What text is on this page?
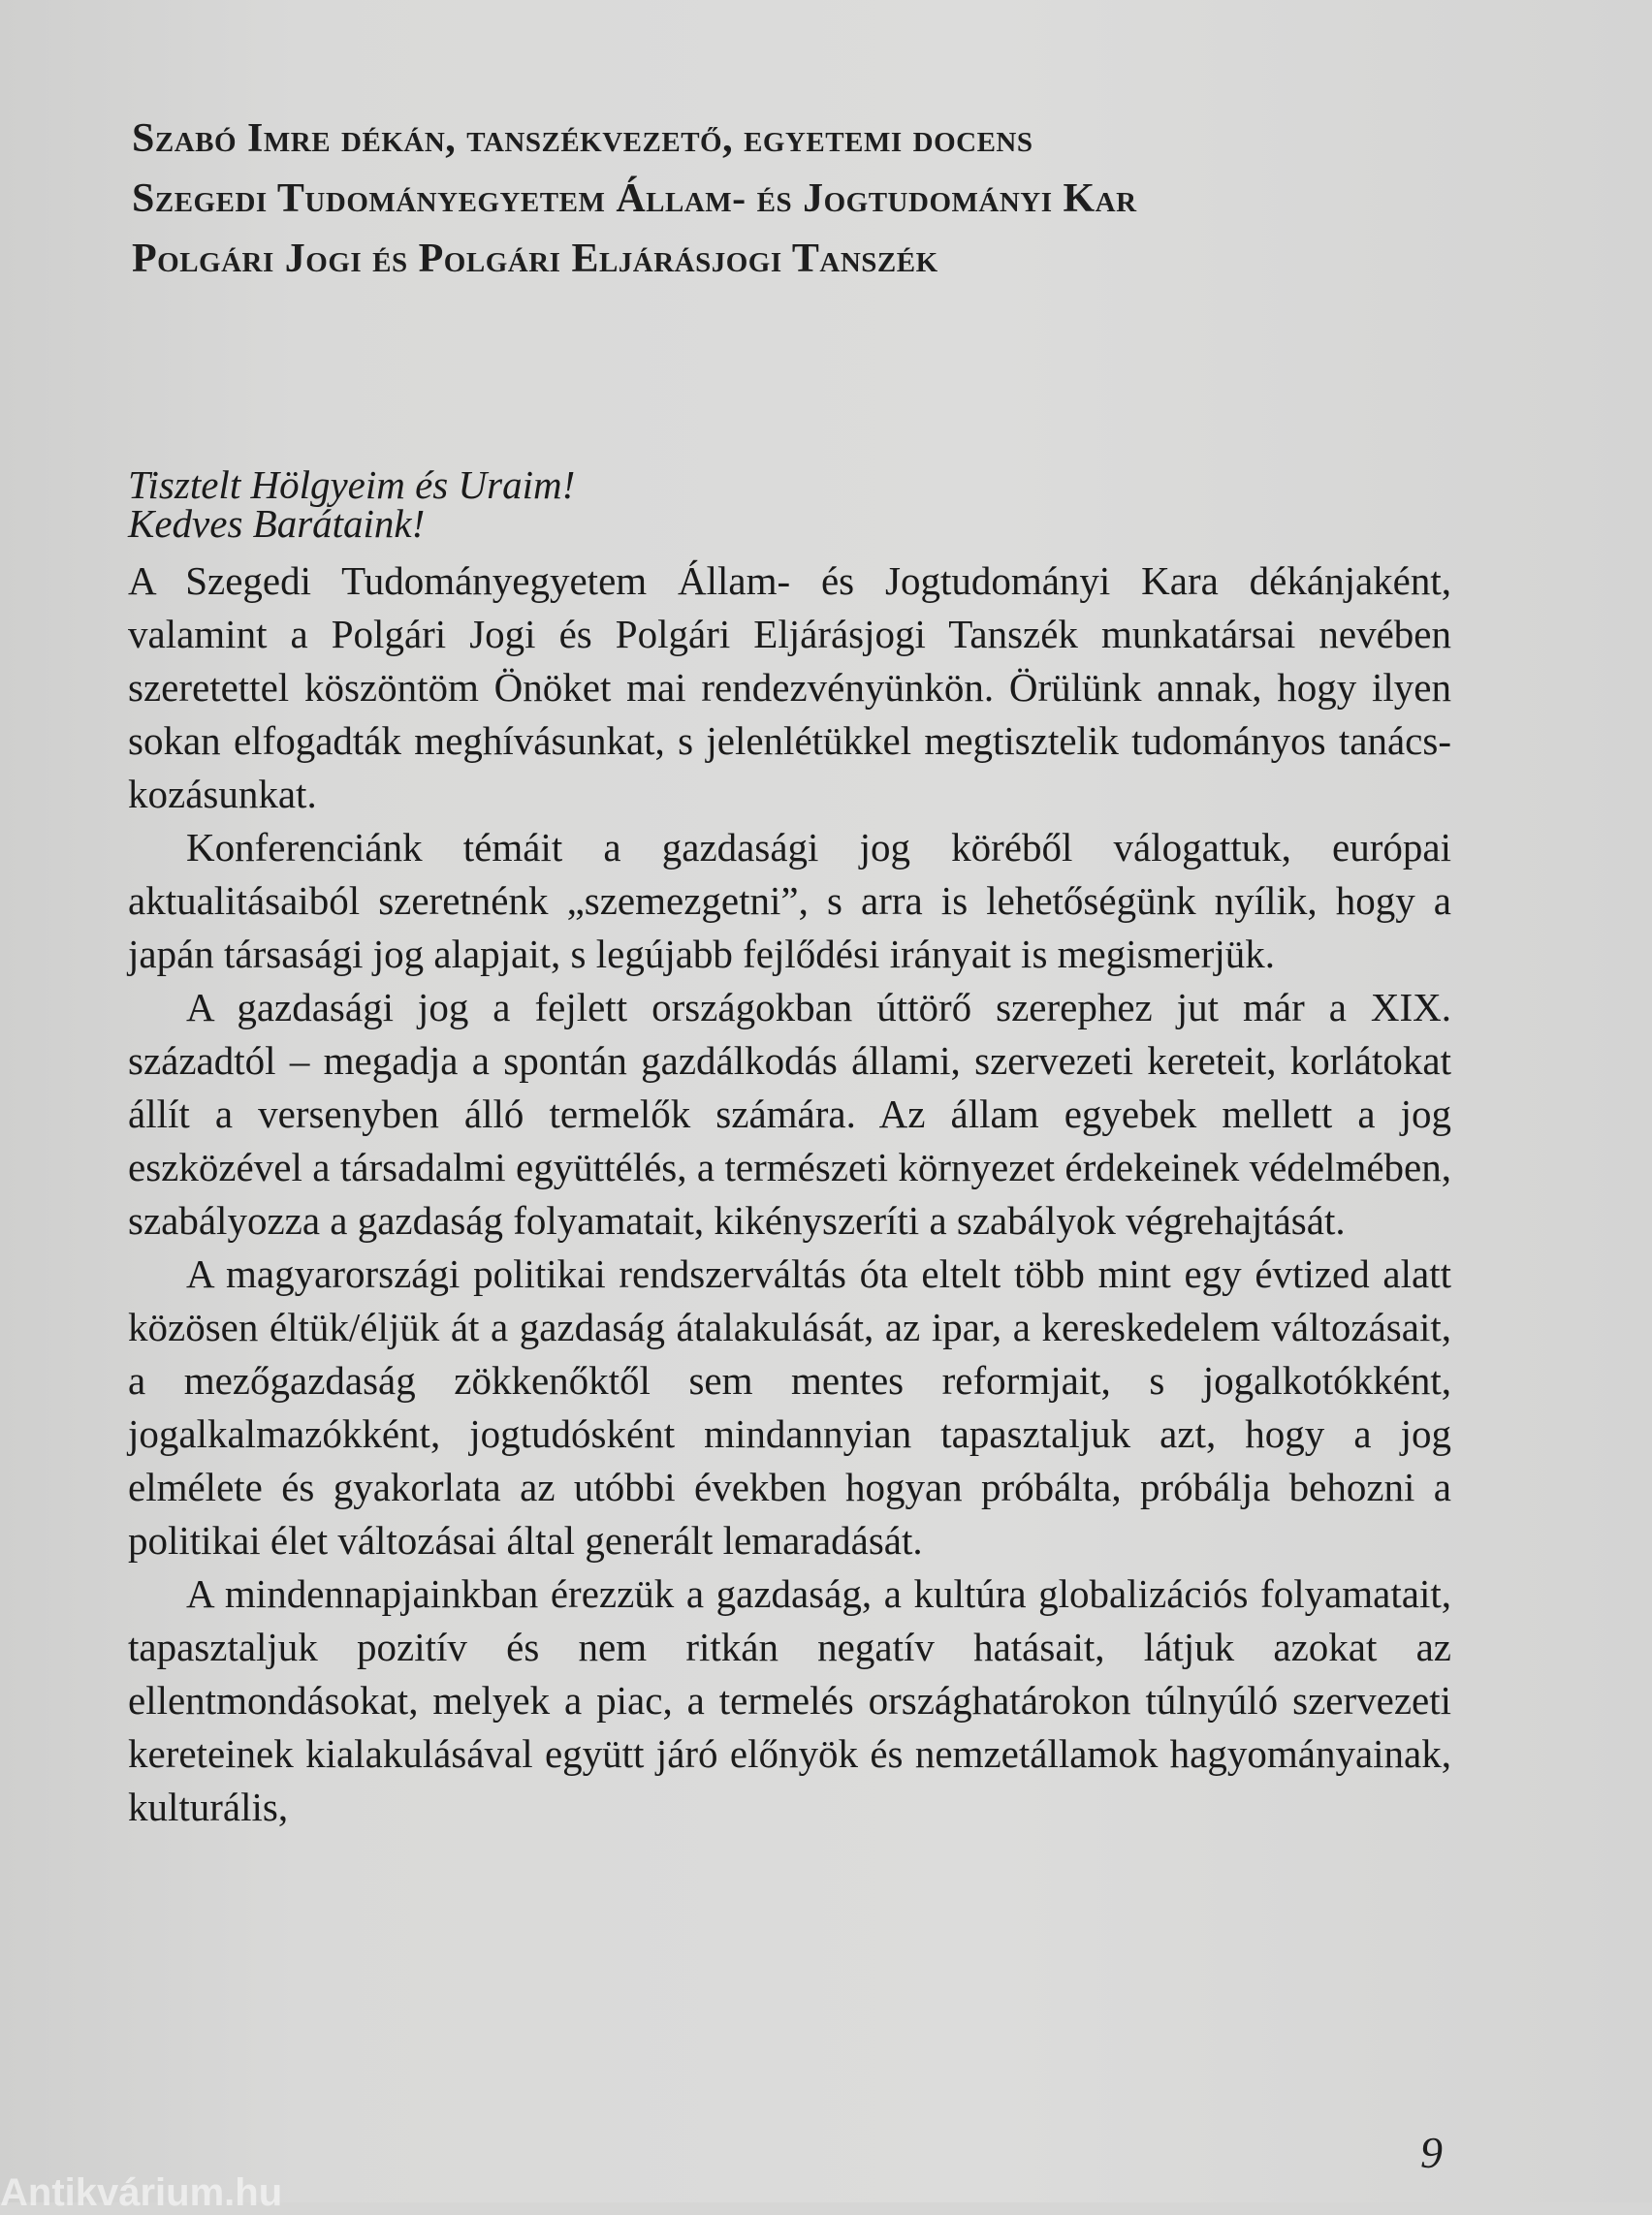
Szabó Imre dékán, tanszékvezető, egyetemi docens
Szegedi Tudományegyetem Állam- és Jogtudományi Kar
Polgári Jogi és Polgári Eljárásjogi Tanszék
Tisztelt Hölgyeim és Uraim!
Kedves Barátaink!

A Szegedi Tudományegyetem Állam- és Jogtudományi Kara dékánjaként, valamint a Polgári Jogi és Polgári Eljárásjogi Tanszék munkatársai nevében szeretettel köszöntöm Önöket mai rendezvényünkön. Örülünk annak, hogy ilyen sokan elfogadták meghívásunkat, s jelenlétükkel megtisztelik tudományos tanácskozásunkat.

Konferenciánk témáit a gazdasági jog köréből válogattuk, európai aktualitásaiból szeretnénk „szemezgetni”, s arra is lehetőségünk nyílik, hogy a japán társasági jog alapjait, s legújabb fejlődési irányait is megismerjük.

A gazdasági jog a fejlett országokban úttörő szerephez jut már a XIX. századtól – megadja a spontán gazdálkodás állami, szervezeti kereteit, korlátokat állít a versenyben álló termelők számára. Az állam egyebek mellett a jog eszközével a társadalmi együttélés, a természeti környezet érdekeinek védelmében, szabályozza a gazdaság folyamatait, kikényszeríti a szabályok végrehajtását.

A magyarországi politikai rendszerváltás óta eltelt több mint egy évtized alatt közösen éltük/éljük át a gazdaság átalakulását, az ipar, a kereskedelem változásait, a mezőgazdaság zökkenőktől sem mentes reformjait, s jogalkotókként, jogalkalmazókként, jogtudósként mindannyian tapasztaljuk azt, hogy a jog elmélete és gyakorlata az utóbbi években hogyan próbálta, próbálja behozni a politikai élet változásai által generált lemaradását.

A mindennapjainkban érezzük a gazdaság, a kultúra globalizációs folyamatait, tapasztaljuk pozitív és nem ritkán negatív hatásait, látjuk azokat az ellentmondásokat, melyek a piac, a termelés országhatárokon túlnyúló szervezeti kereteinek kialakulásával együtt járó előnyök és nemzetállamok hagyományainak, kulturális,

9
Antikvárium.hu
